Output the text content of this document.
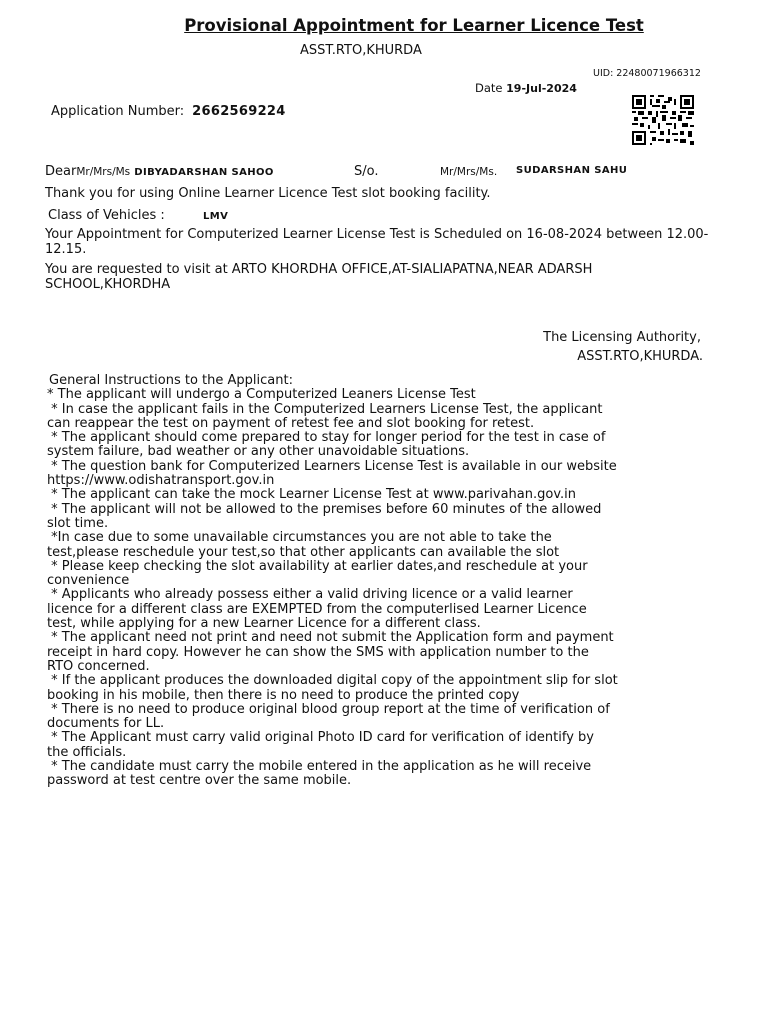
Provisional Appointment for Learner Licence Test
ASST.RTO,KHURDA
UID: 22480071966312
Date 19-Jul-2024
Application Number: 2662569224
DearMr/Mrs/Ms DIBYADARSHAN SAHOO	S/o.	Mr/Mrs/Ms. SUDARSHAN SAHU
Thank you for using Online Learner Licence Test slot booking facility.
Class of Vehicles :	LMV
Your Appointment for Computerized Learner License Test is Scheduled on 16-08-2024 between 12.00-12.15.
You are requested to visit at ARTO KHORDHA OFFICE,AT-SIALIAPATNA,NEAR ADARSH SCHOOL,KHORDHA
The Licensing Authority,
ASST.RTO,KHURDA.
General Instructions to the Applicant:
* The applicant will undergo a Computerized Leaners License Test
* In case the applicant fails in the Computerized Learners License Test, the applicant
can reappear the test on payment of retest fee and slot booking for retest.
* The applicant should come prepared to stay for longer period for the test in case of
system failure, bad weather or any other unavoidable situations.
* The question bank for Computerized Learners License Test is available in our website
https://www.odishatransport.gov.in
* The applicant can take the mock Learner License Test at www.parivahan.gov.in
* The applicant will not be allowed to the premises before 60 minutes of the allowed
slot time.
*In case due to some unavailable circumstances you are not able to take the
test,please reschedule your test,so that other applicants can available the slot
* Please keep checking the slot availability at earlier dates,and reschedule at your
convenience
* Applicants who already possess either a valid driving licence or a valid learner
licence for a different class are EXEMPTED from the computerlised Learner Licence
test, while applying for a new Learner Licence for a different class.
* The applicant need not print and need not submit the Application form and payment
receipt in hard copy. However he can show the SMS with application number to the
RTO concerned.
* If the applicant produces the downloaded digital copy of the appointment slip for slot
booking in his mobile, then there is no need to produce the printed copy
* There is no need to produce original blood group report at the time of verification of
documents for LL.
* The Applicant must carry valid original Photo ID card for verification of identify by
the officials.
* The candidate must carry the mobile entered in the application as he will receive
password at test centre over the same mobile.
